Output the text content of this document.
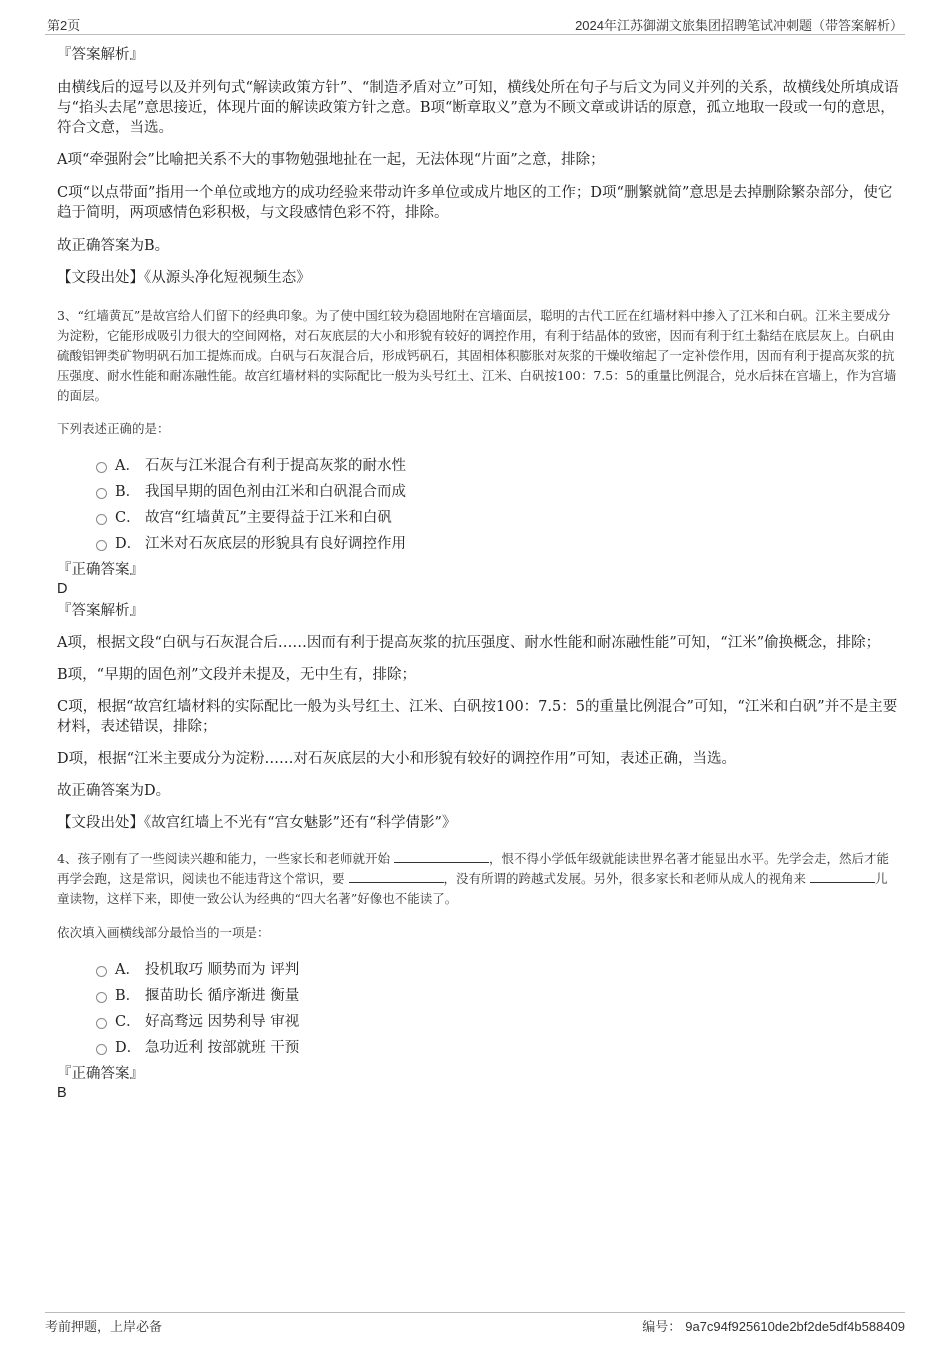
第2页	2024年江苏御湖文旅集团招聘笔试冲刺题（带答案解析）
『答案解析』

由横线后的逗号以及并列句式“解读政策方针”、“制造矛盾对立”可知，横线处所在句子与后文为同义并列的关系，故横线处所填成语与“掐头去尾”意思接近，体现片面的解读政策方针之意。B项“断章取义”意为不顾文章或讲话的原意，孤立地取一段或一句的意思，符合文意，当选。

A项“牵强附会”比喻把关系不大的事物勉强地扯在一起，无法体现“片面”之意，排除；

C项“以点带面”指用一个单位或地方的成功经验来带动许多单位或成片地区的工作；D项“删繁就简”意思是去掉删除繁杂部分，使它趋于简明，两项感情色彩积极，与文段感情色彩不符，排除。

故正确答案为B。

【文段出处】《从源头净化短视频生态》

3、“红墙黄瓦”是故宫给人们留下的经典印象。为了使中国红较为稳固地附在宫墙面层，聪明的古代工匠在红墙材料中掺入了江米和白矾。江米主要成分为淀粉，它能形成吸引力很大的空间网格，对石灰底层的大小和形貌有较好的调控作用，有利于结晶体的致密，因而有利于红土黏结在底层灰上。白矾由硫酸铝钾类矿物明矾石加工提炼而成。白矾与石灰混合后，形成钙矾石，其固相体积膨胀对灰浆的干燥收缩起了一定补偿作用，因而有利于提高灰浆的抗压强度、耐水性能和耐冻融性能。故宫红墙材料的实际配比一般为头号红土、江米、白矾按100：7.5：5的重量比例混合，兑水后抹在宫墙上，作为宫墙的面层。

下列表述正确的是：

A． 石灰与江米混合有利于提高灰浆的耐水性
B． 我国早期的固色剂由江米和白矾混合而成
C． 故宫“红墙黄瓦”主要得益于江米和白矾
D． 江米对石灰底层的形貌具有良好调控作用
『正确答案』
D
『答案解析』

A项，根据文段“白矾与石灰混合后……因而有利于提高灰浆的抗压强度、耐水性能和耐冻融性能”可知，“江米”偷换概念，排除；

B项，“早期的固色剂”文段并未提及，无中生有，排除；

C项，根据“故宫红墙材料的实际配比一般为头号红土、江米、白矾按100：7.5：5的重量比例混合”可知，“江米和白矾”并不是主要材料，表述错误，排除；

D项，根据“江米主要成分为淀粉……对石灰底层的大小和形貌有较好的调控作用”可知，表述正确，当选。

故正确答案为D。

【文段出处】《故宫红墙上不光有“宫女魅影”还有“科学倩影”》

4、孩子刚有了一些阅读兴趣和能力，一些家长和老师就开始	，恨不得小学低年级就能读世界名著才能显出水平。先学会走，然后才能再学会跑，这是常识，阅读也不能违背这个常识，要	，没有所谓的跨越式发展。另外，很多家长和老师从成人的视角来	儿童读物，这样下来，即使一致公认为经典的“四大名著”好像也不能读了。

依次填入画横线部分最恰当的一项是：

A． 投机取巧 顺势而为 评判
B． 揠苗助长 循序渐进 衡量
C． 好高骛远 因势利导 审视
D． 急功近利 按部就班 干预
『正确答案』
B
考前押题，上岸必备	编号： 9a7c94f925610de2bf2de5df4b588409
